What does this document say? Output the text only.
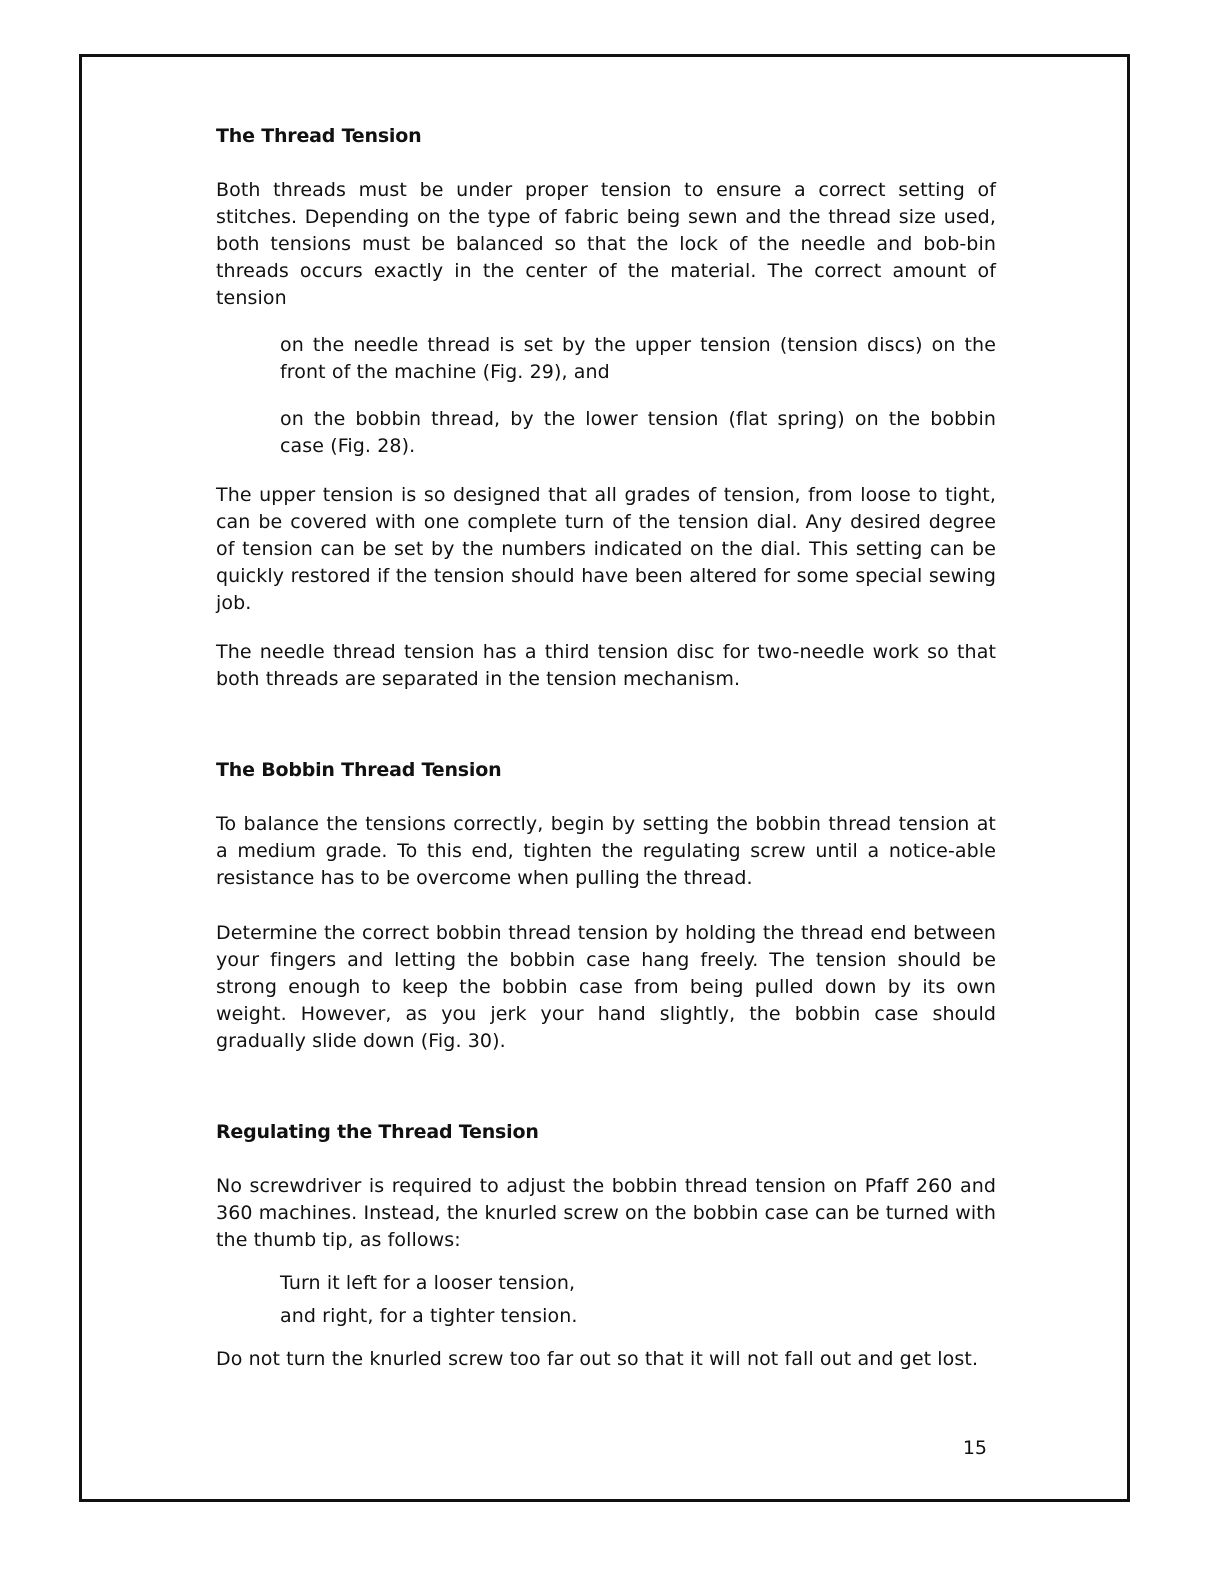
The Thread Tension

Both threads must be under proper tension to ensure a correct setting of stitches. Depending on the type of fabric being sewn and the thread size used, both tensions must be balanced so that the lock of the needle and bob-bin threads occurs exactly in the center of the material. The correct amount of tension

on the needle thread is set by the upper tension (tension discs) on the front of the machine (Fig. 29), and

on the bobbin thread, by the lower tension (flat spring) on the bobbin case (Fig. 28).

The upper tension is so designed that all grades of tension, from loose to tight, can be covered with one complete turn of the tension dial. Any desired degree of tension can be set by the numbers indicated on the dial. This setting can be quickly restored if the tension should have been altered for some special sewing job.

The needle thread tension has a third tension disc for two-needle work so that both threads are separated in the tension mechanism.

The Bobbin Thread Tension

To balance the tensions correctly, begin by setting the bobbin thread tension at a medium grade. To this end, tighten the regulating screw until a notice-able resistance has to be overcome when pulling the thread.

Determine the correct bobbin thread tension by holding the thread end between your fingers and letting the bobbin case hang freely. The tension should be strong enough to keep the bobbin case from being pulled down by its own weight. However, as you jerk your hand slightly, the bobbin case should gradually slide down (Fig. 30).

Regulating the Thread Tension

No screwdriver is required to adjust the bobbin thread tension on Pfaff 260 and 360 machines. Instead, the knurled screw on the bobbin case can be turned with the thumb tip, as follows:

Turn it left for a looser tension,

and right, for a tighter tension.

Do not turn the knurled screw too far out so that it will not fall out and get lost.

15
